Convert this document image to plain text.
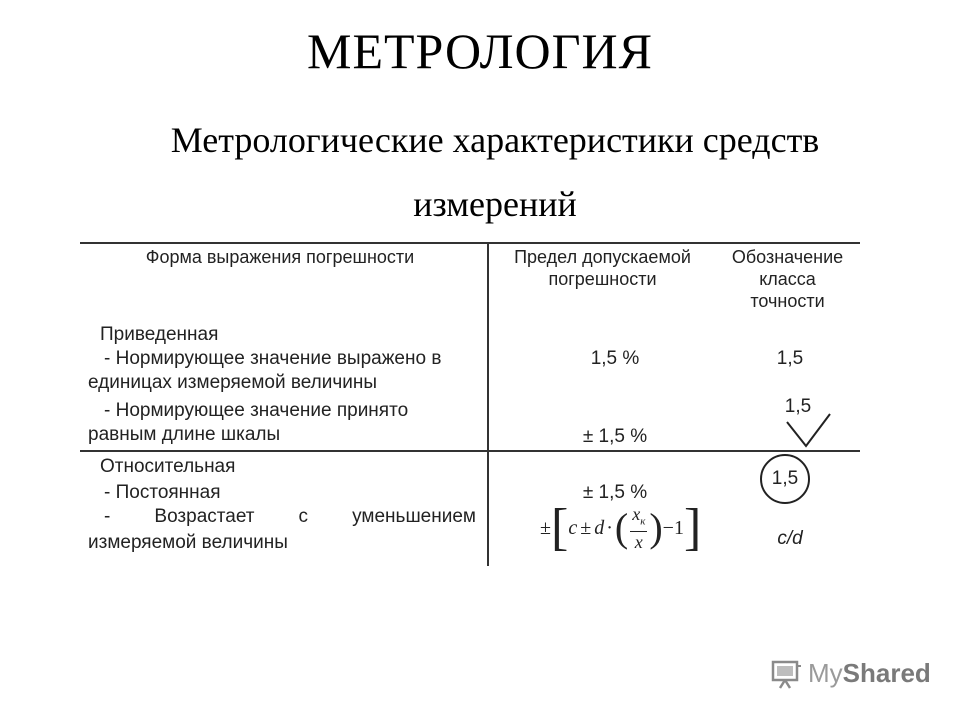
МЕТРОЛОГИЯ
Метрологические характеристики средств измерений
Форма выражения погрешности	Предел допускаемой
погрешности
Обозначение
класса
точности
Приведенная
- Нормирующее значение выражено в
единицах измеряемой величины
- Нормирующее значение принято
равным длине шкалы
1,5 %	1,5
± 1,5 %
1,5
Относительная
- Постоянная
- Возрастает с уменьшением
измеряемой величины
± 1,5 %
1,5
c/d
± [ c ± d · ( $\frac{x_к}{x}$ ) −1 ]
My Shared
